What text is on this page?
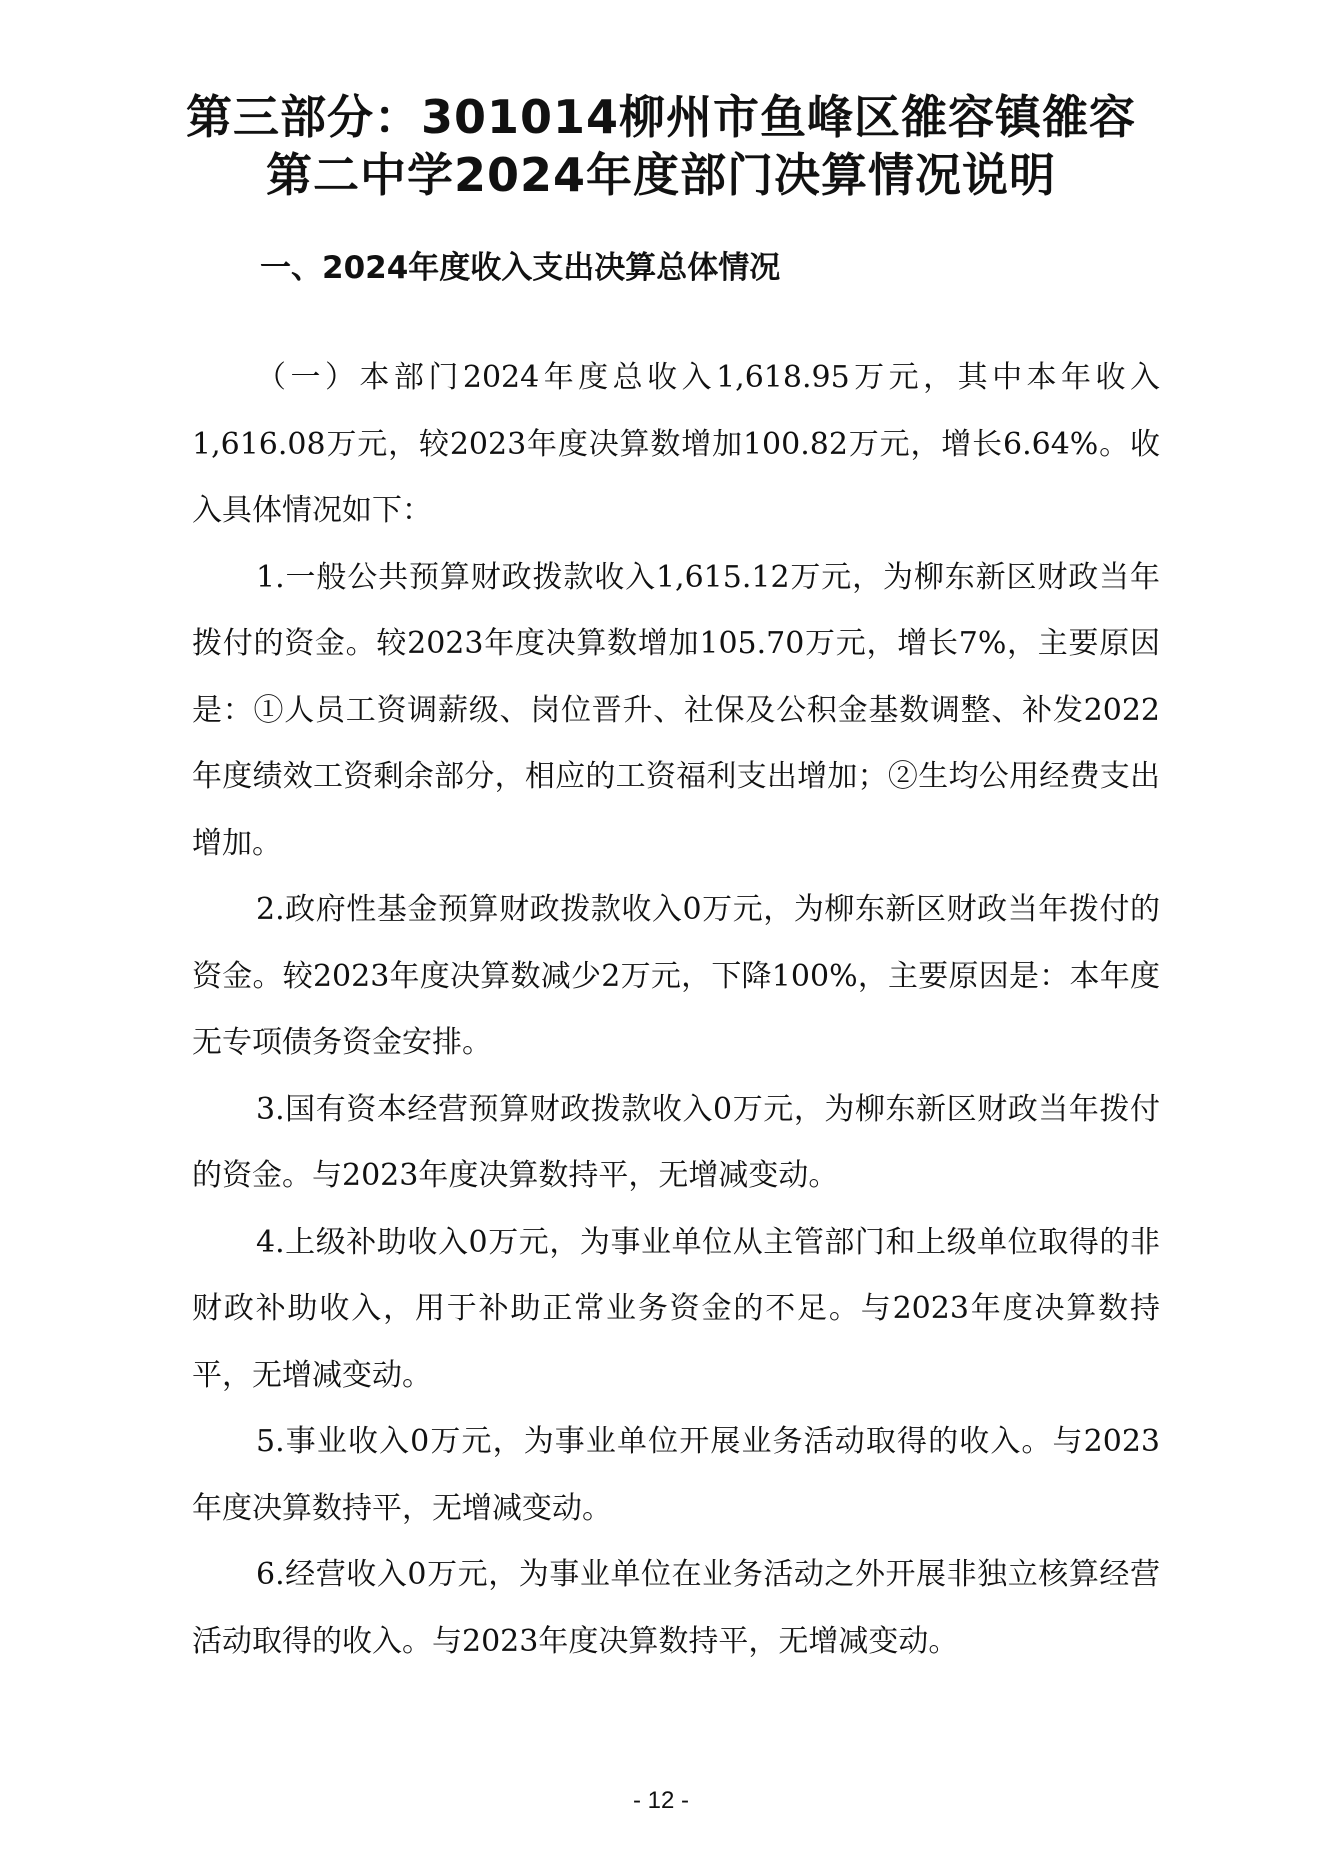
第三部分：301014柳州市鱼峰区雒容镇雒容
第二中学2024年度部门决算情况说明
一、2024年度收入支出决算总体情况

（一）本部门2024年度总收入1,618.95万元，其中本年收入1,616.08万元，较2023年度决算数增加100.82万元，增长6.64%。收入具体情况如下：

1.一般公共预算财政拨款收入1,615.12万元，为柳东新区财政当年拨付的资金。较2023年度决算数增加105.70万元，增长7%，主要原因是：①人员工资调薪级、岗位晋升、社保及公积金基数调整、补发2022年度绩效工资剩余部分，相应的工资福利支出增加；②生均公用经费支出增加。

2.政府性基金预算财政拨款收入0万元，为柳东新区财政当年拨付的资金。较2023年度决算数减少2万元，下降100%，主要原因是：本年度无专项债务资金安排。

3.国有资本经营预算财政拨款收入0万元，为柳东新区财政当年拨付的资金。与2023年度决算数持平，无增减变动。

4.上级补助收入0万元，为事业单位从主管部门和上级单位取得的非财政补助收入，用于补助正常业务资金的不足。与2023年度决算数持平，无增减变动。

5.事业收入0万元，为事业单位开展业务活动取得的收入。与2023年度决算数持平，无增减变动。

6.经营收入0万元，为事业单位在业务活动之外开展非独立核算经营活动取得的收入。与2023年度决算数持平，无增减变动。

- 12 -
